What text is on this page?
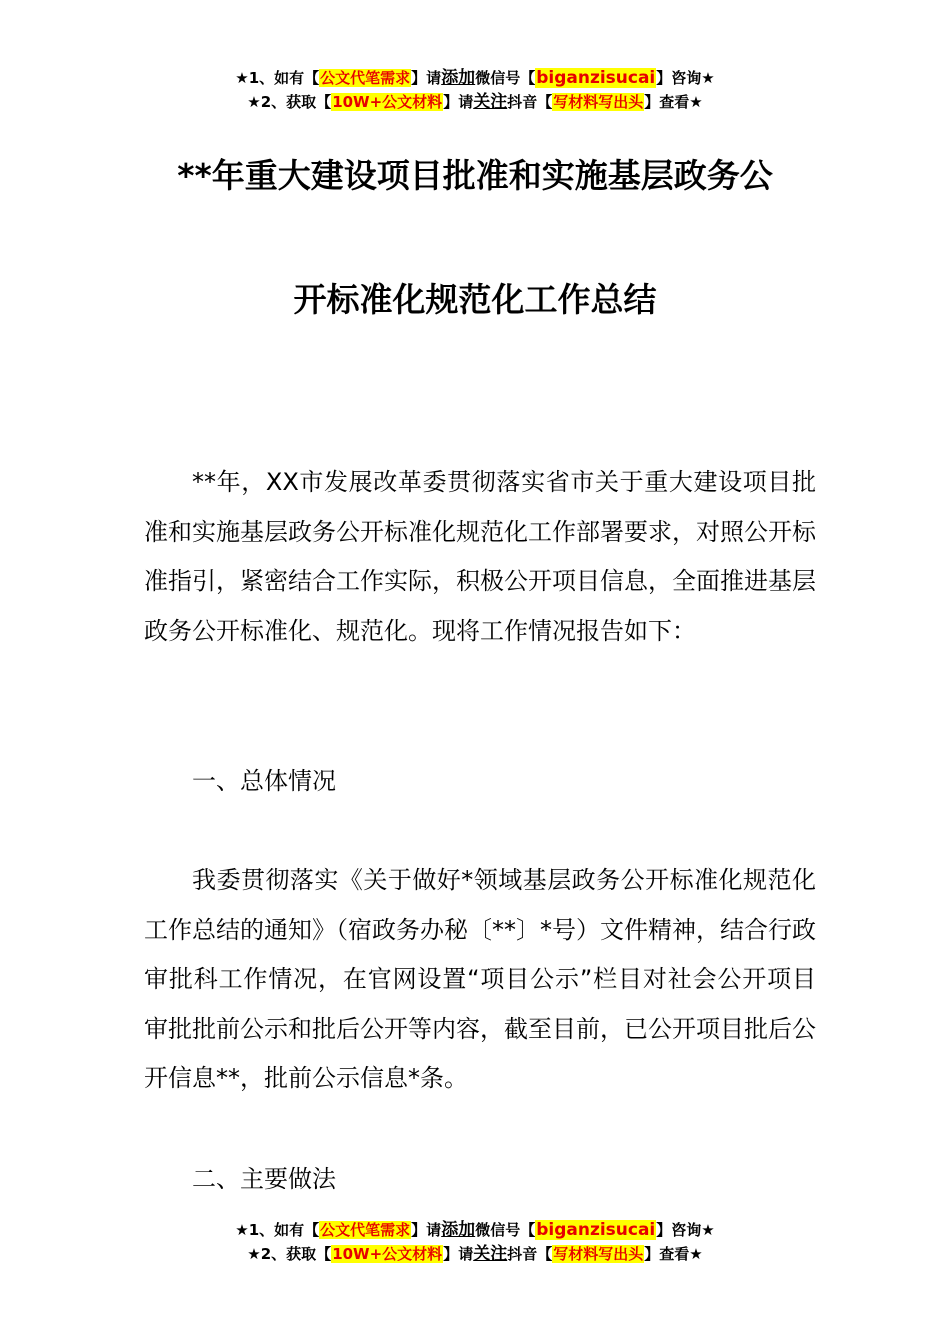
★1、如有【公文代笔需求】请添加微信号【biganzisucai】咨询★
★2、获取【10W+公文材料】请关注抖音【写材料写出头】查看★
**年重大建设项目批准和实施基层政务公
开标准化规范化工作总结

**年，XX市发展改革委贯彻落实省市关于重大建设项目批准和实施基层政务公开标准化规范化工作部署要求，对照公开标准指引，紧密结合工作实际，积极公开项目信息，全面推进基层政务公开标准化、规范化。现将工作情况报告如下：

一、总体情况

我委贯彻落实《关于做好*领域基层政务公开标准化规范化工作总结的通知》（宿政务办秘〔**〕*号）文件精神，结合行政审批科工作情况，在官网设置“项目公示”栏目对社会公开项目审批批前公示和批后公开等内容，截至目前，已公开项目批后公开信息**，批前公示信息*条。

二、主要做法

★1、如有【公文代笔需求】请添加微信号【biganzisucai】咨询★
★2、获取【10W+公文材料】请关注抖音【写材料写出头】查看★
